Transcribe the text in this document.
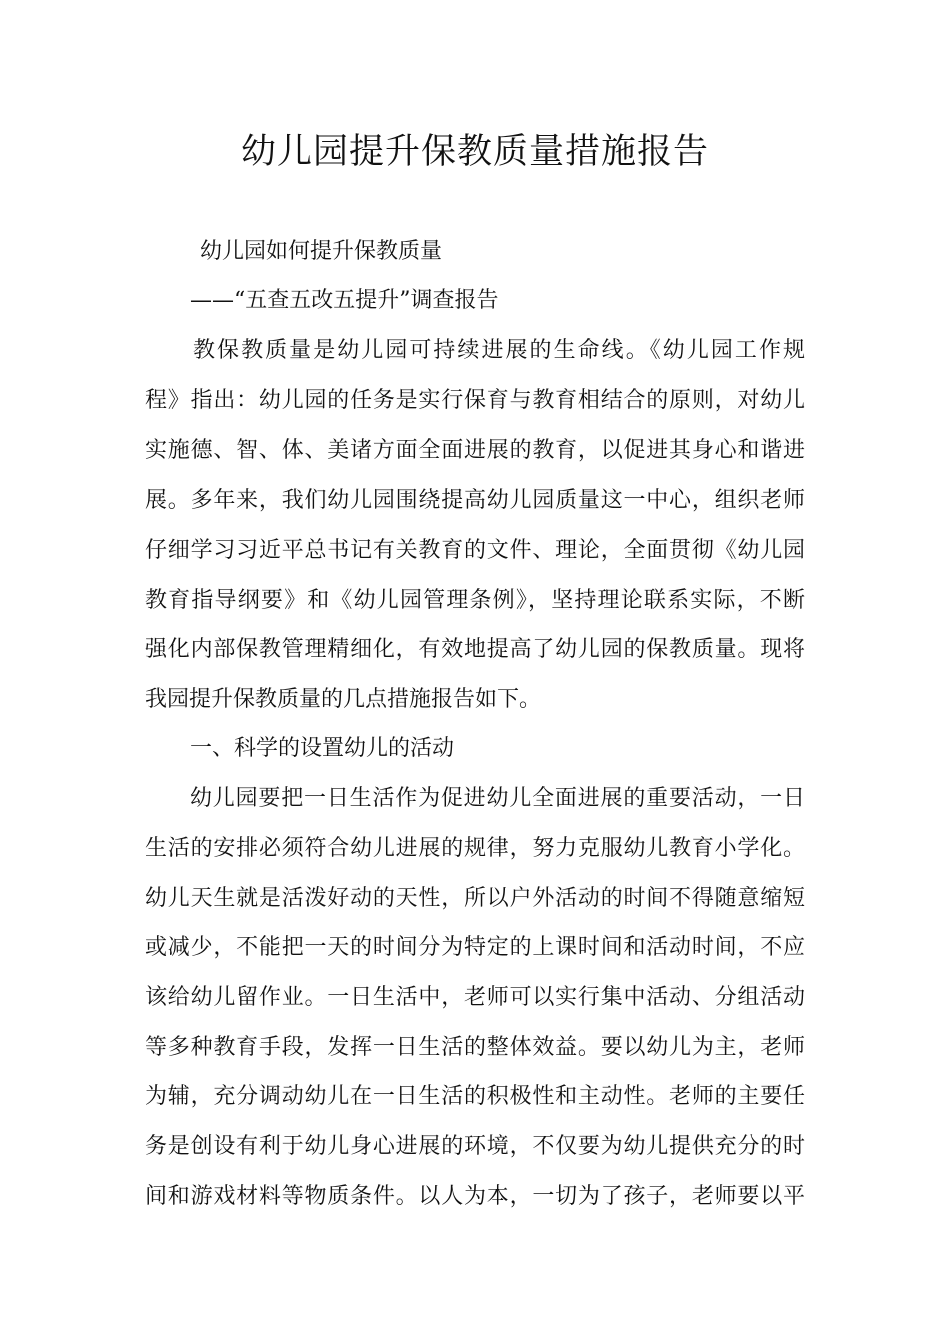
幼儿园提升保教质量措施报告

幼儿园如何提升保教质量

——“五查五改五提升”调查报告

教保教质量是幼儿园可持续进展的生命线。《幼儿园工作规

程》指出：幼儿园的任务是实行保育与教育相结合的原则，对幼儿

实施德、智、体、美诸方面全面进展的教育，以促进其身心和谐进

展。多年来，我们幼儿园围绕提高幼儿园质量这一中心，组织老师

仔细学习习近平总书记有关教育的文件、理论，全面贯彻《幼儿园

教育指导纲要》和《幼儿园管理条例》，坚持理论联系实际，不断

强化内部保教管理精细化，有效地提高了幼儿园的保教质量。现将

我园提升保教质量的几点措施报告如下。

一、科学的设置幼儿的活动

幼儿园要把一日生活作为促进幼儿全面进展的重要活动，一日

生活的安排必须符合幼儿进展的规律，努力克服幼儿教育小学化。

幼儿天生就是活泼好动的天性，所以户外活动的时间不得随意缩短

或减少，不能把一天的时间分为特定的上课时间和活动时间，不应

该给幼儿留作业。一日生活中，老师可以实行集中活动、分组活动

等多种教育手段，发挥一日生活的整体效益。要以幼儿为主，老师

为辅，充分调动幼儿在一日生活的积极性和主动性。老师的主要任

务是创设有利于幼儿身心进展的环境，不仅要为幼儿提供充分的时

间和游戏材料等物质条件。以人为本，一切为了孩子，老师要以平
